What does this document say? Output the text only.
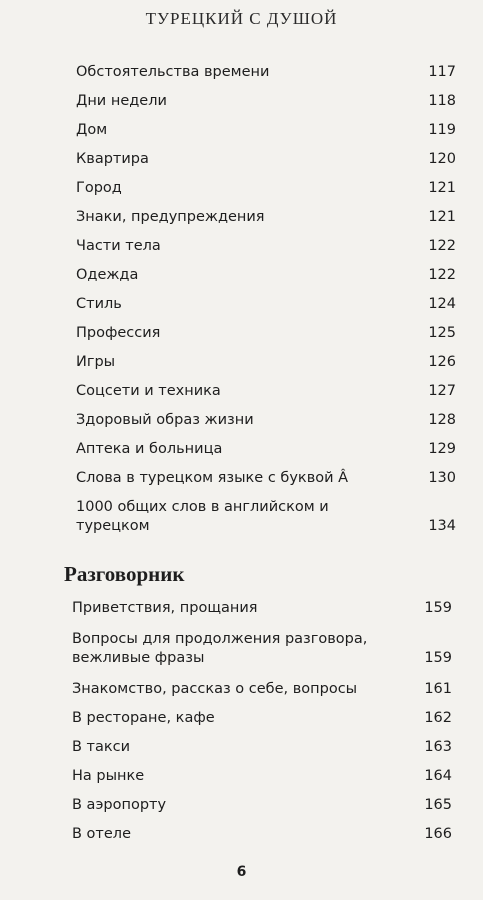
ТУРЕЦКИЙ С ДУШОЙ
Обстоятельства времени	117
Дни недели	118
Дом	119
Квартира	120
Город	121
Знаки, предупреждения	121
Части тела	122
Одежда	122
Стиль	124
Профессия	125
Игры	126
Соцсети и техника	127
Здоровый образ жизни	128
Аптека и больница	129
Слова в турецком языке с буквой Â	130
1000 общих слов в английском и турецком	134
Приветствия, прощания	159
Вопросы для продолжения разговора, вежливые фразы	159
Знакомство, рассказ о себе, вопросы	161
В ресторане, кафе	162
В такси	163
На рынке	164
В аэропорту	165
В отеле	166
Разговорник
6
